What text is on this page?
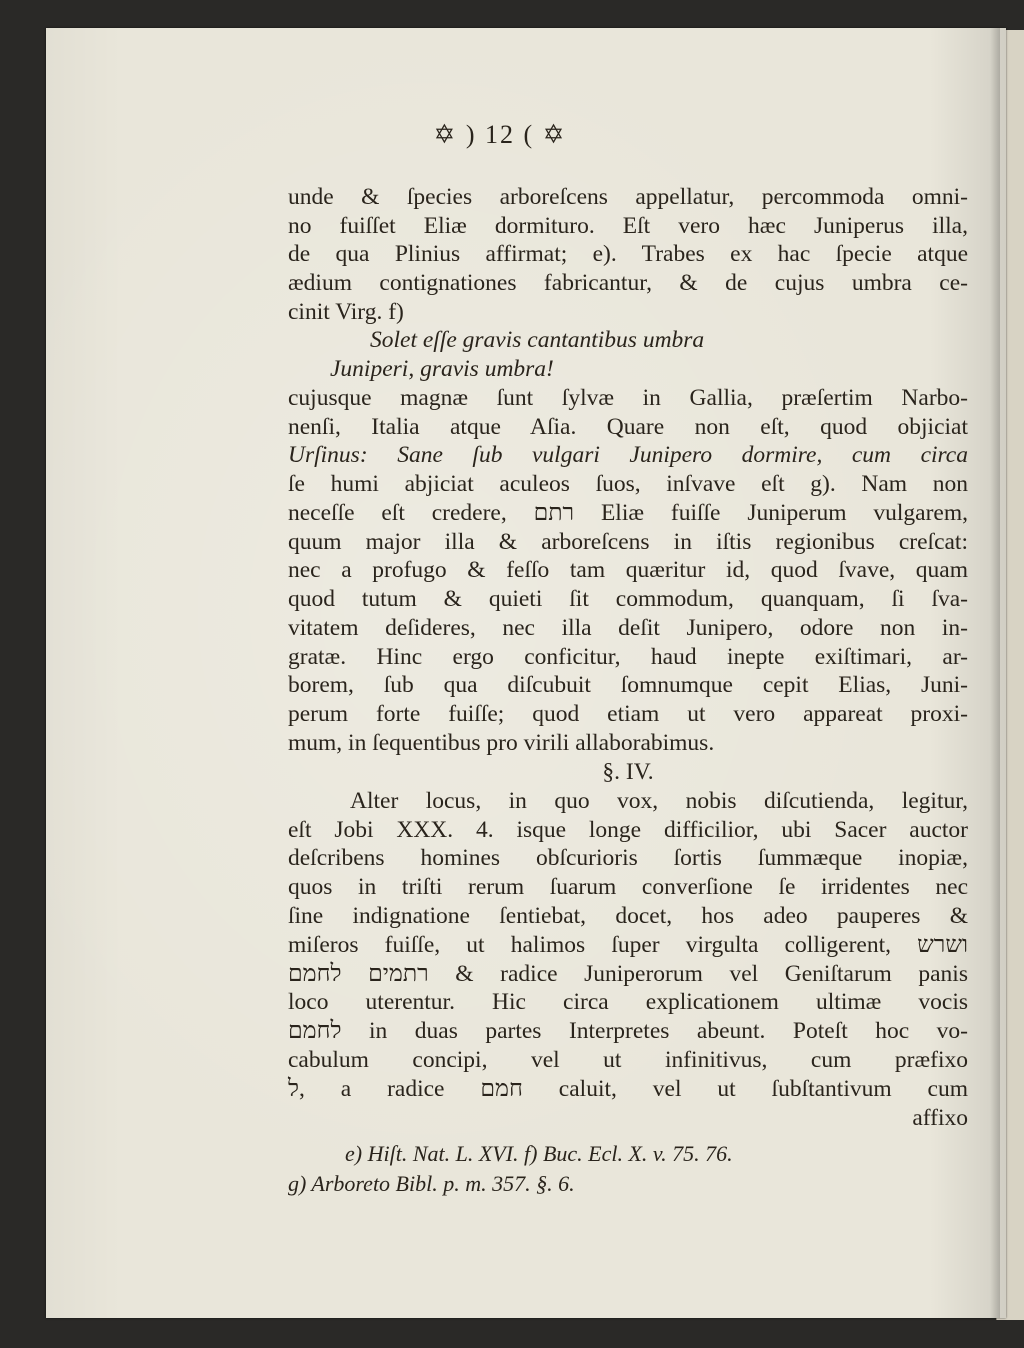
✡ ) 12 ( ✡
unde & ſpecies arboreſcens appellatur, percommoda omni-
no fuiſſet Eliæ dormituro. Eſt vero hæc Juniperus illa,
de qua Plinius affirmat; e). Trabes ex hac ſpecie atque
ædium contignationes fabricantur, & de cujus umbra ce-
cinit Virg. f)
Solet eſſe gravis cantantibus umbra
Juniperi, gravis umbra!
cujusque magnæ ſunt ſylvæ in Gallia, præſertim Narbo-
nenſi, Italia atque Aſia. Quare non eſt, quod objiciat
Urſinus: Sane ſub vulgari Junipero dormire, cum circa
ſe humi abjiciat aculeos ſuos, inſvave eſt g). Nam non
neceſſe eſt credere, רתם Eliæ fuiſſe Juniperum vulgarem,
quum major illa & arboreſcens in iſtis regionibus creſcat:
nec a profugo & feſſo tam quæritur id, quod ſvave, quam
quod tutum & quieti ſit commodum, quanquam, ſi ſva-
vitatem deſideres, nec illa deſit Junipero, odore non in-
gratæ. Hinc ergo conficitur, haud inepte exiſtimari, ar-
borem, ſub qua diſcubuit ſomnumque cepit Elias, Juni-
perum forte fuiſſe; quod etiam ut vero appareat proxi-
mum, in ſequentibus pro virili allaborabimus.
§. IV.
Alter locus, in quo vox, nobis diſcutienda, legitur,
eſt Jobi XXX. 4. isque longe difficilior, ubi Sacer auctor
deſcribens homines obſcurioris ſortis ſummæque inopiæ,
quos in triſti rerum ſuarum converſione ſe irridentes nec
ſine indignatione ſentiebat, docet, hos adeo pauperes &
miſeros fuiſſe, ut halimos ſuper virgulta colligerent, ושרש
רתמים לחמם & radice Juniperorum vel Geniſtarum panis
loco uterentur. Hic circa explicationem ultimæ vocis
לחמם in duas partes Interpretes abeunt. Poteſt hoc vo-
cabulum concipi, vel ut infinitivus, cum præfixo
ל, a radice חמם caluit, vel ut ſubſtantivum cum
affixo
e) Hiſt. Nat. L. XVI. f) Buc. Ecl. X. v. 75. 76.
g) Arboreto Bibl. p. m. 357. §. 6.
